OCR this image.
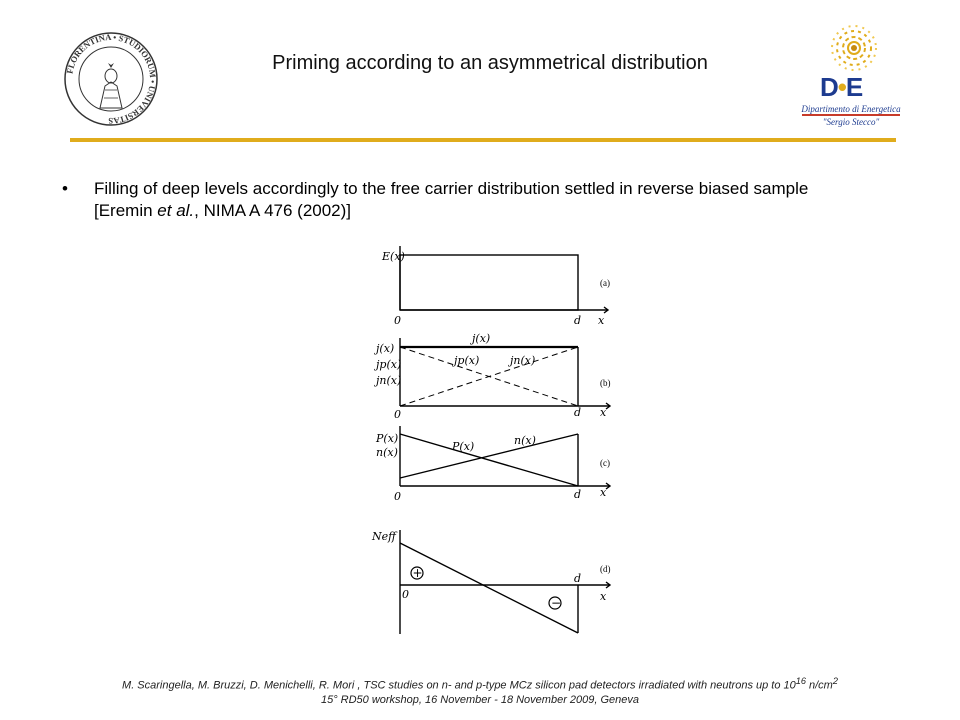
FLORENTINA • STUDIORUM • UNIVERSITAS
Priming according to an asymmetrical distribution
D•E
Dipartimento di Energetica
"Sergio Stecco"
• Filling of deep levels accordingly to the free carrier distribution settled in reverse biased sample [Eremin et al., NIMA A 476 (2002)]
E(x)
0	d x
(a)
j(x)
jp(x)
jn(x)
j(x)
jp(x)	jn(x)
0	d x
(b)
P(x)
n(x)	P(x)	n(x)
0	d x
(c)
Neff
0
d
x
(d)
+
−
M. Scaringella, M. Bruzzi, D. Menichelli, R. Mori , TSC studies on n- and p-type MCz silicon pad detectors irradiated with neutrons up to $10^{16}$ $n/cm^2$
15° RD50 workshop, 16 November - 18 November 2009, Geneva
